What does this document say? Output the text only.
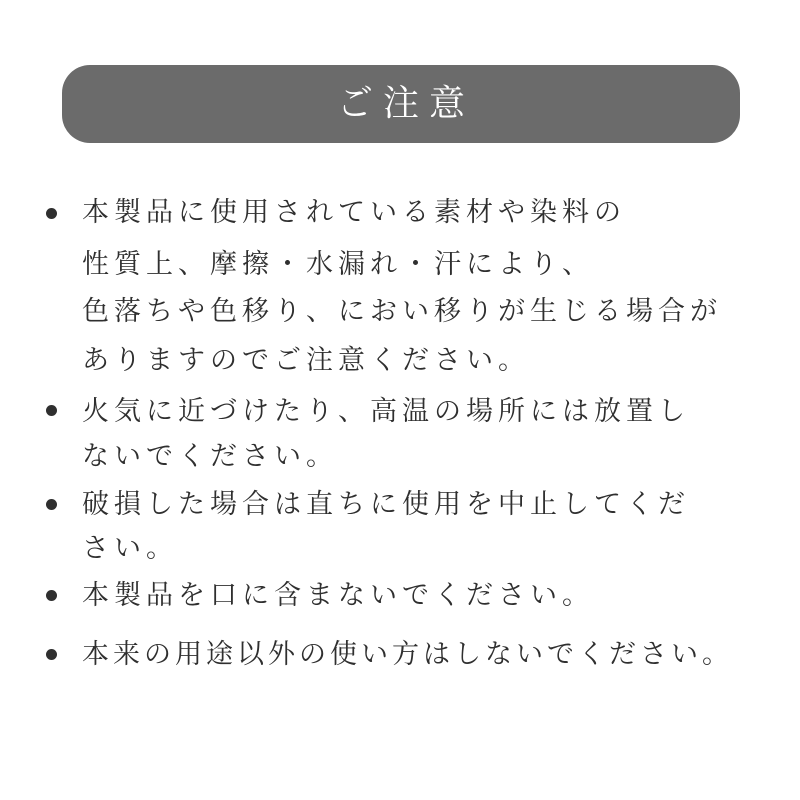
ご注意
本製品に使用されている素材や染料の
性質上、摩擦・水漏れ・汗により、
色落ちや色移り、におい移りが生じる場合が
ありますのでご注意ください。
火気に近づけたり、高温の場所には放置し
ないでください。
破損した場合は直ちに使用を中止してくだ
さい。
本製品を口に含まないでください。
本来の用途以外の使い方はしないでください。
